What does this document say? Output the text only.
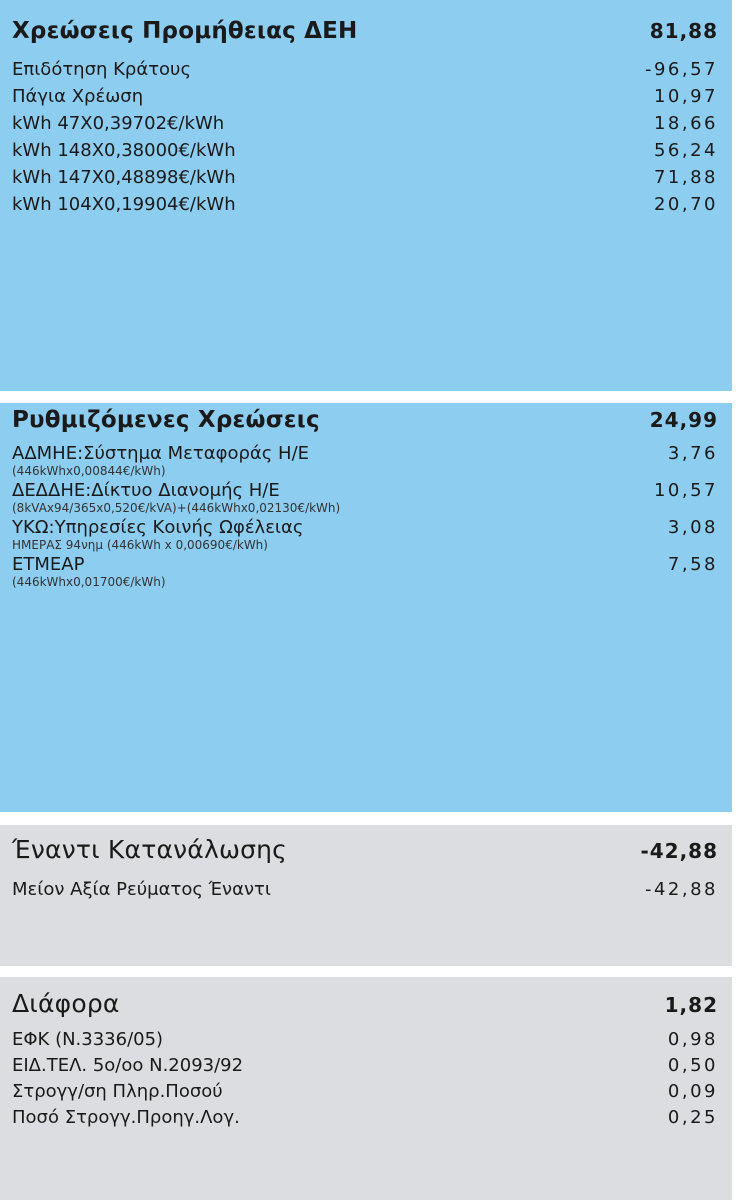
Χρεώσεις Προμήθειας ΔΕΗ	81,88
Επιδότηση Κράτους	-96,57
Πάγια Χρέωση	10,97
kWh 47X0,39702€/kWh	18,66
kWh 148X0,38000€/kWh	56,24
kWh 147X0,48898€/kWh	71,88
kWh 104X0,19904€/kWh	20,70
Ρυθμιζόμενες Χρεώσεις	24,99
ΑΔΜΗΕ:Σύστημα Μεταφοράς Η/Ε	3,76
(446kWhx0,00844€/kWh)
ΔΕΔΔΗΕ:Δίκτυο Διανομής Η/Ε	10,57
(8kVAx94/365x0,520€/kVA)+(446kWhx0,02130€/kWh)
ΥΚΩ:Υπηρεσίες Κοινής Ωφέλειας	3,08
ΗΜΕΡΑΣ 94νημ (446kWh x 0,00690€/kWh)
ΕΤΜΕΑΡ	7,58
(446kWhx0,01700€/kWh)
Έναντι Κατανάλωσης	-42,88
Μείον Αξία Ρεύματος Έναντι	-42,88
Διάφορα	1,82
ΕΦΚ (Ν.3336/05)	0,98
ΕΙΔ.ΤΕΛ. 5ο/οο Ν.2093/92	0,50
Στρογγ/ση Πληρ.Ποσού	0,09
Ποσό Στρογγ.Προηγ.Λογ.	0,25
